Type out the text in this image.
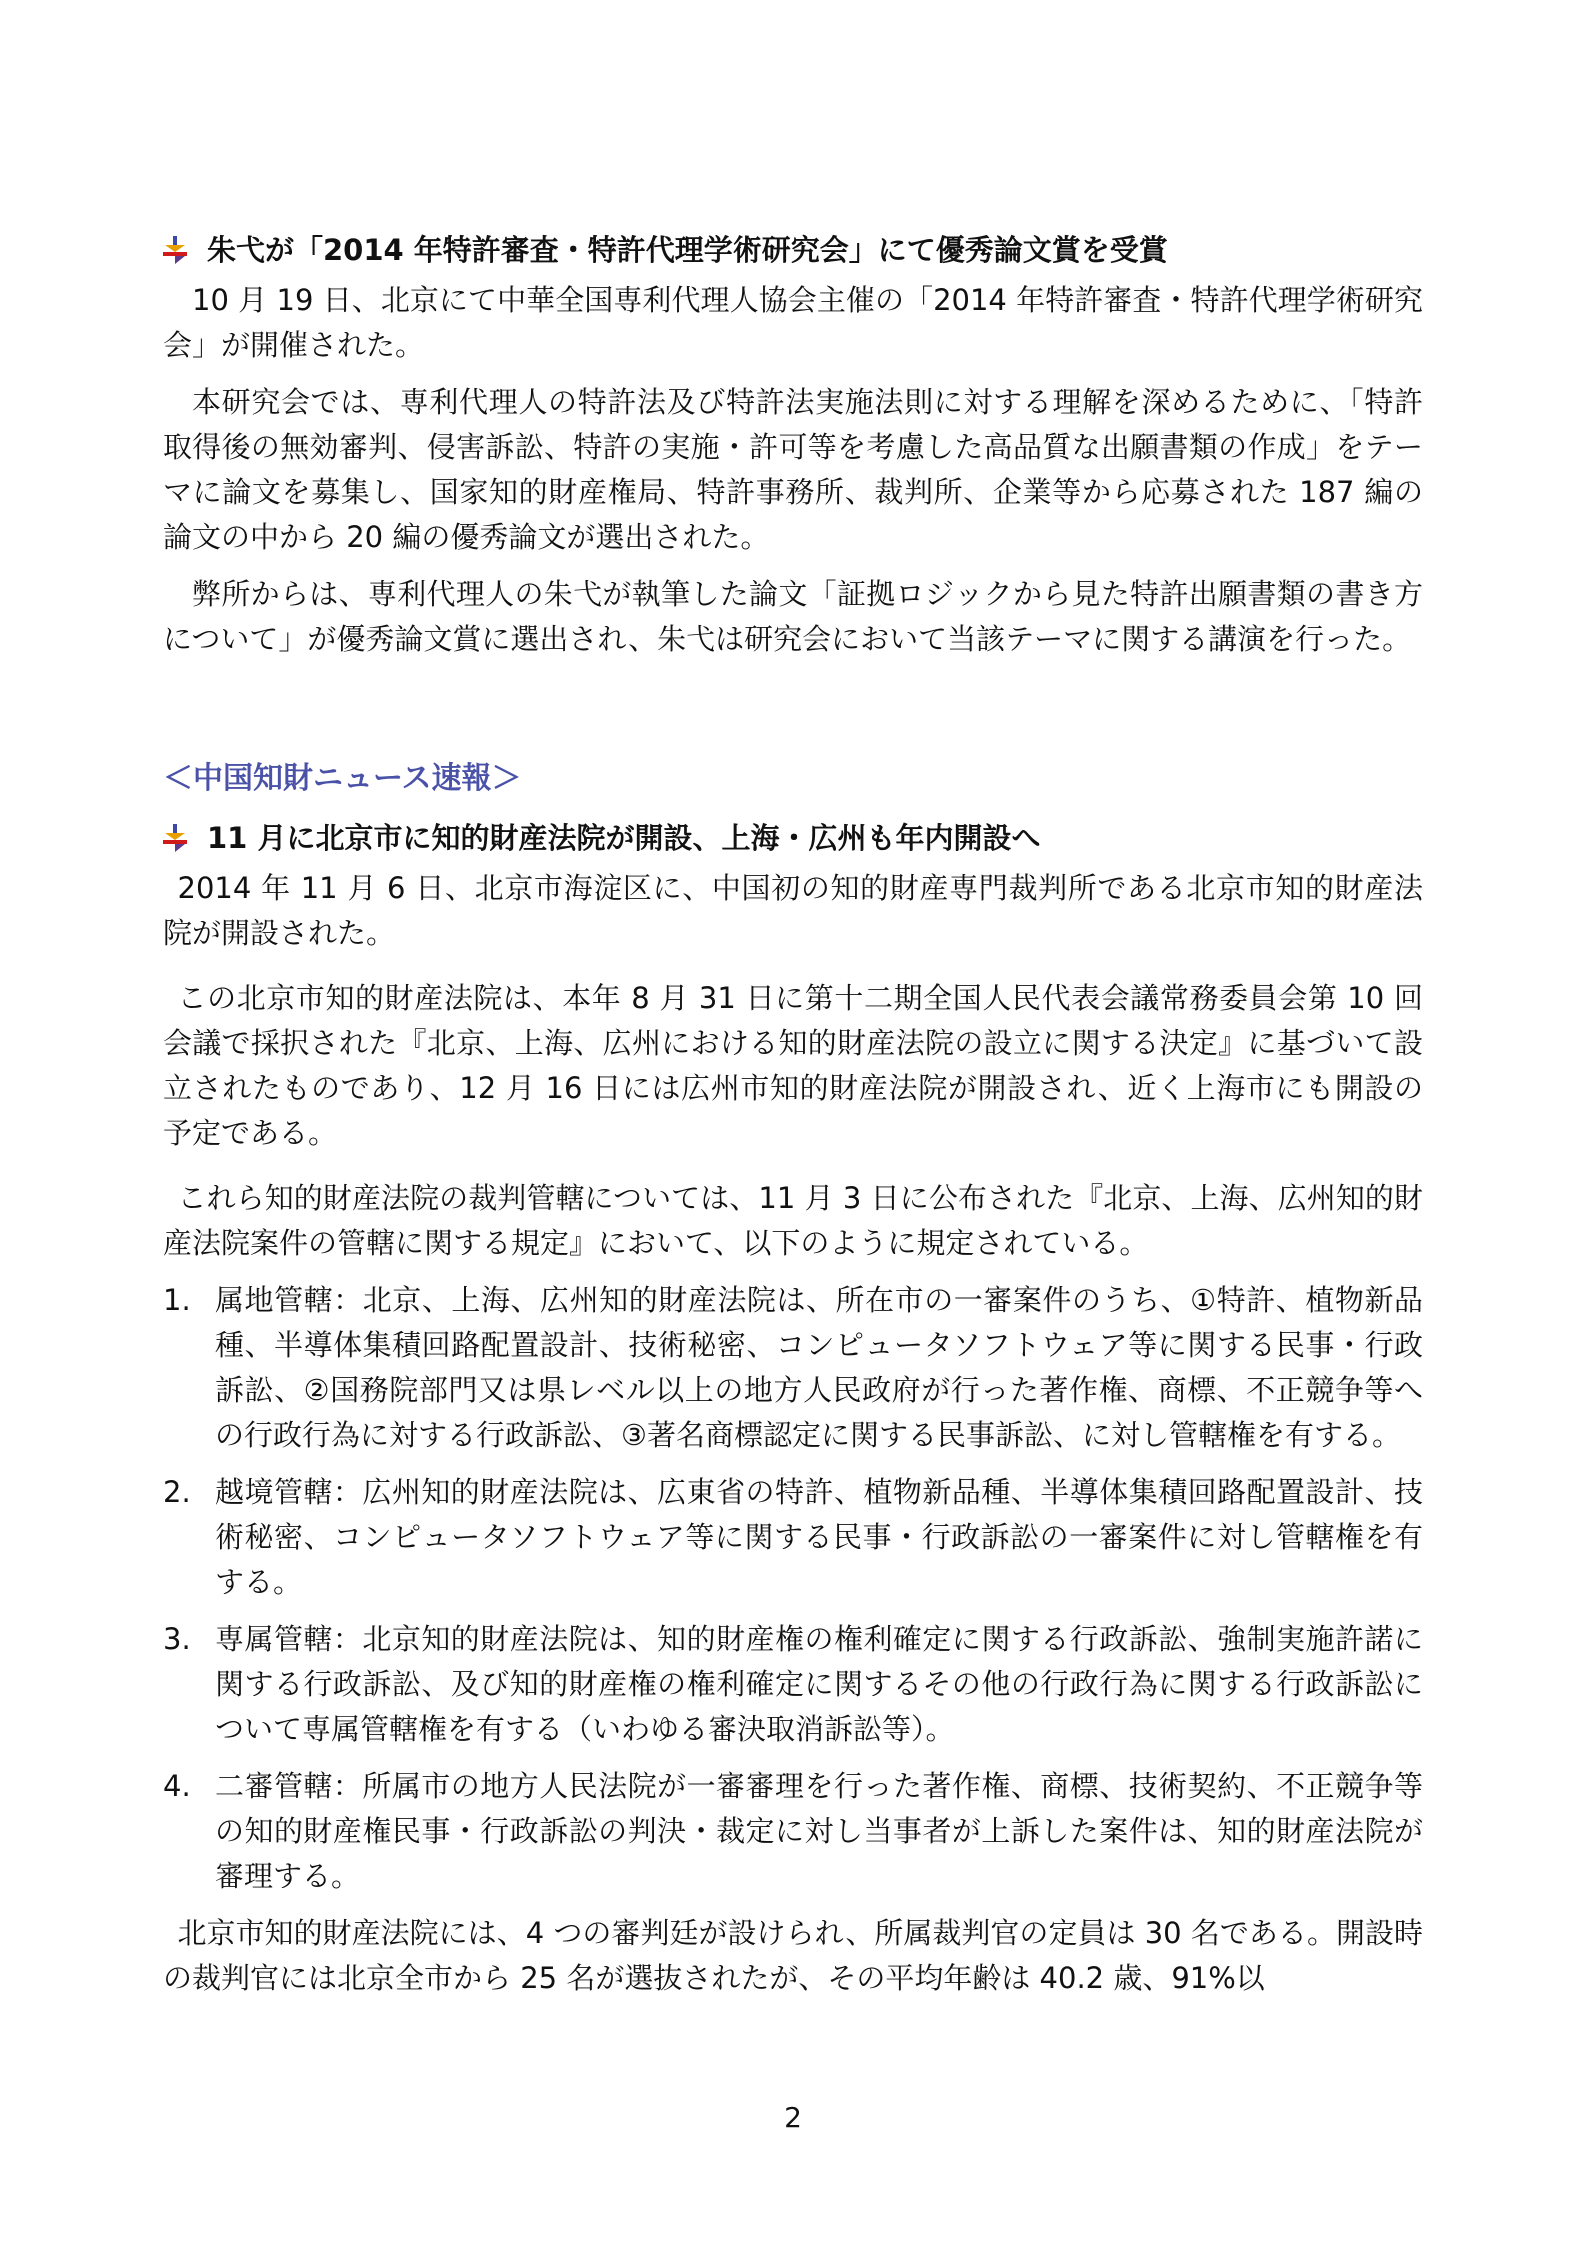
朱弋が「2014 年特許審査・特許代理学術研究会」にて優秀論文賞を受賞

10 月 19 日、北京にて中華全国専利代理人協会主催の「2014 年特許審査・特許代理学術研究会」が開催された。

本研究会では、専利代理人の特許法及び特許法実施法則に対する理解を深めるために、「特許取得後の無効審判、侵害訴訟、特許の実施・許可等を考慮した高品質な出願書類の作成」をテーマに論文を募集し、国家知的財産権局、特許事務所、裁判所、企業等から応募された 187 編の論文の中から 20 編の優秀論文が選出された。

弊所からは、専利代理人の朱弋が執筆した論文「証拠ロジックから見た特許出願書類の書き方について」が優秀論文賞に選出され、朱弋は研究会において当該テーマに関する講演を行った。

＜中国知財ニュース速報＞
11 月に北京市に知的財産法院が開設、上海・広州も年内開設へ

2014 年 11 月 6 日、北京市海淀区に、中国初の知的財産専門裁判所である北京市知的財産法院が開設された。

この北京市知的財産法院は、本年 8 月 31 日に第十二期全国人民代表会議常務委員会第 10 回会議で採択された『北京、上海、広州における知的財産法院の設立に関する決定』に基づいて設立されたものであり、12 月 16 日には広州市知的財産法院が開設され、近く上海市にも開設の予定である。

これら知的財産法院の裁判管轄については、11 月 3 日に公布された『北京、上海、広州知的財産法院案件の管轄に関する規定』において、以下のように規定されている。

1. 属地管轄：北京、上海、広州知的財産法院は、所在市の一審案件のうち、①特許、植物新品種、半導体集積回路配置設計、技術秘密、コンピュータソフトウェア等に関する民事・行政訴訟、②国務院部門又は県レベル以上の地方人民政府が行った著作権、商標、不正競争等への行政行為に対する行政訴訟、③著名商標認定に関する民事訴訟、に対し管轄権を有する。
2. 越境管轄：広州知的財産法院は、広東省の特許、植物新品種、半導体集積回路配置設計、技術秘密、コンピュータソフトウェア等に関する民事・行政訴訟の一審案件に対し管轄権を有する。
3. 専属管轄：北京知的財産法院は、知的財産権の権利確定に関する行政訴訟、強制実施許諾に関する行政訴訟、及び知的財産権の権利確定に関するその他の行政行為に関する行政訴訟について専属管轄権を有する（いわゆる審決取消訴訟等）。
4. 二審管轄：所属市の地方人民法院が一審審理を行った著作権、商標、技術契約、不正競争等の知的財産権民事・行政訴訟の判決・裁定に対し当事者が上訴した案件は、知的財産法院が審理する。

北京市知的財産法院には、4 つの審判廷が設けられ、所属裁判官の定員は 30 名である。開設時の裁判官には北京全市から 25 名が選抜されたが、その平均年齢は 40.2 歳、91%以

2
